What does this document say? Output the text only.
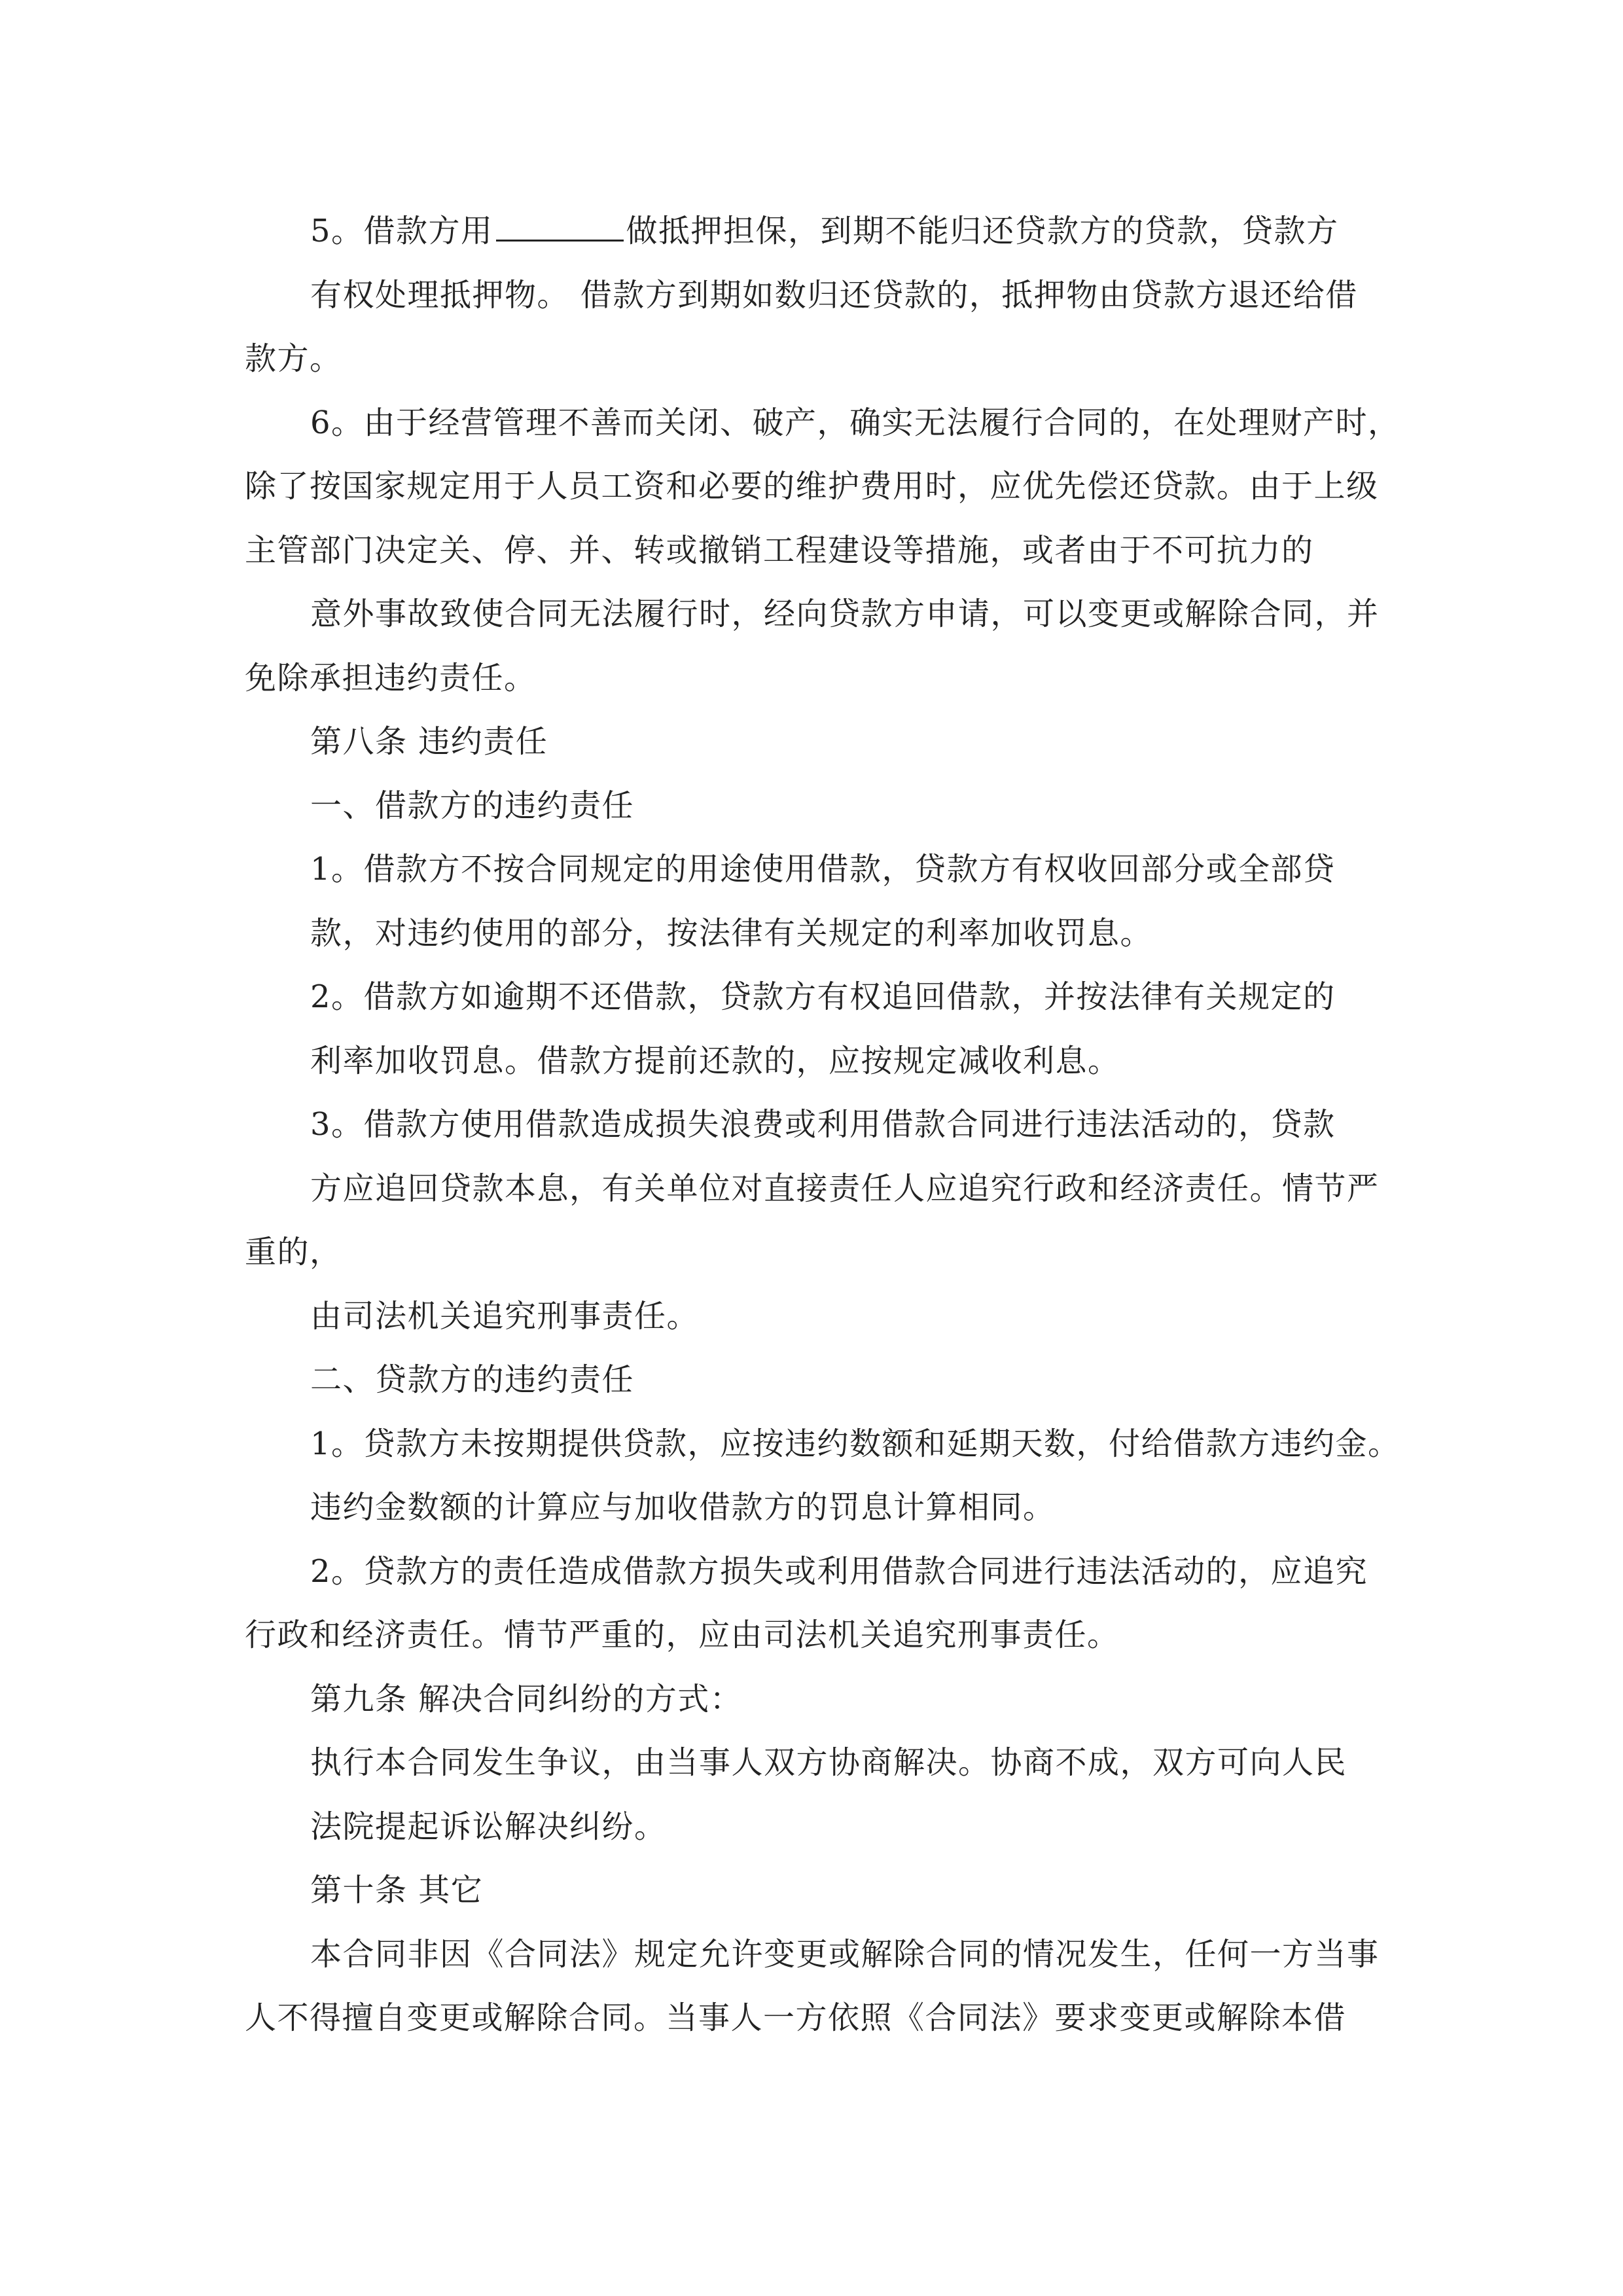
5。借款方用	做抵押担保，到期不能归还贷款方的贷款，贷款方

有权处理抵押物。 借款方到期如数归还贷款的，抵押物由贷款方退还给借

款方。

6。由于经营管理不善而关闭、破产，确实无法履行合同的，在处理财产时，

除了按国家规定用于人员工资和必要的维护费用时，应优先偿还贷款。由于上级

主管部门决定关、停、并、转或撤销工程建设等措施，或者由于不可抗力的

意外事故致使合同无法履行时，经向贷款方申请，可以变更或解除合同，并

免除承担违约责任。

第八条 违约责任

一、借款方的违约责任

1。借款方不按合同规定的用途使用借款，贷款方有权收回部分或全部贷

款，对违约使用的部分，按法律有关规定的利率加收罚息。

2。借款方如逾期不还借款，贷款方有权追回借款，并按法律有关规定的

利率加收罚息。借款方提前还款的，应按规定减收利息。

3。借款方使用借款造成损失浪费或利用借款合同进行违法活动的，贷款

方应追回贷款本息，有关单位对直接责任人应追究行政和经济责任。情节严

重的，

由司法机关追究刑事责任。

二、贷款方的违约责任

1。贷款方未按期提供贷款，应按违约数额和延期天数，付给借款方违约金。

违约金数额的计算应与加收借款方的罚息计算相同。

2。贷款方的责任造成借款方损失或利用借款合同进行违法活动的，应追究

行政和经济责任。情节严重的，应由司法机关追究刑事责任。

第九条 解决合同纠纷的方式：

执行本合同发生争议，由当事人双方协商解决。协商不成，双方可向人民

法院提起诉讼解决纠纷。

第十条 其它

本合同非因《合同法》规定允许变更或解除合同的情况发生，任何一方当事

人不得擅自变更或解除合同。当事人一方依照《合同法》要求变更或解除本借
